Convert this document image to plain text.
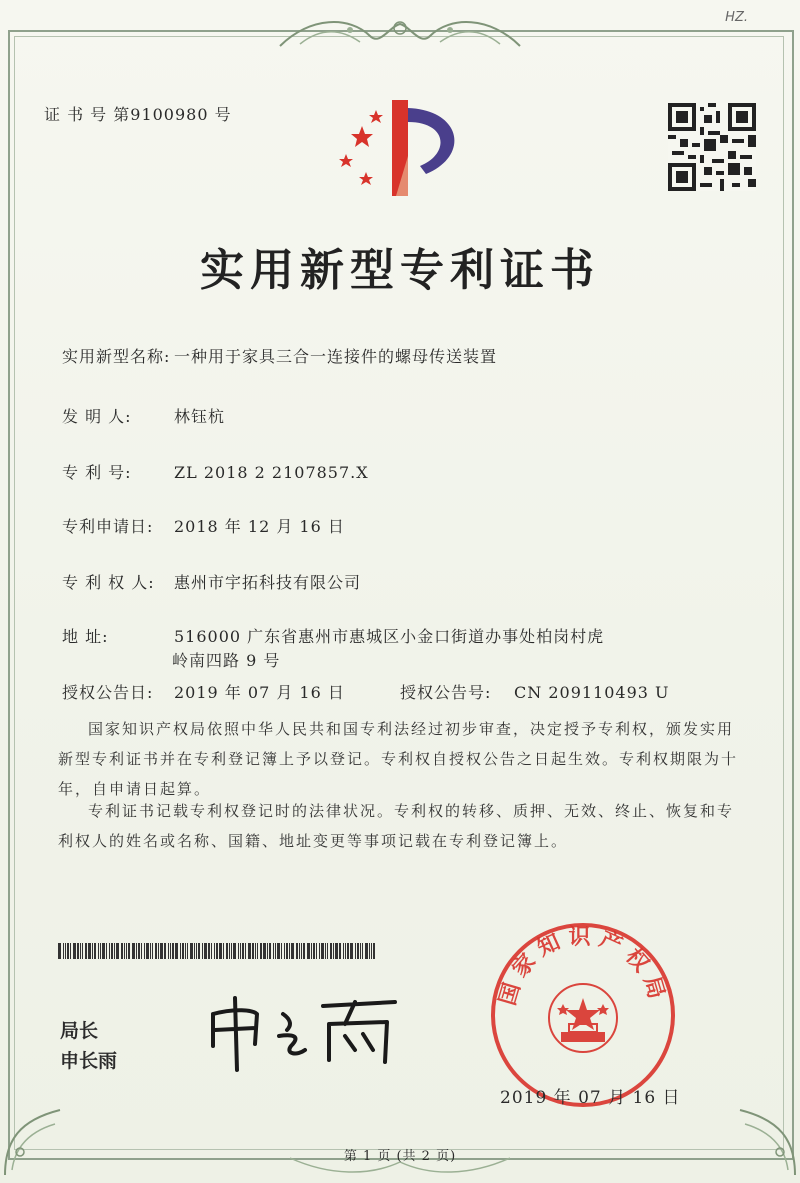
HZ.
证 书 号 第9100980 号
实用新型专利证书
实用新型名称: 一种用于家具三合一连接件的螺母传送装置
发 明 人:	林钰杭
专 利 号:	ZL 2018 2 2107857.X
专利申请日: 2018 年 12 月 16 日
专 利 权 人: 惠州市宇拓科技有限公司
地 址:	516000 广东省惠州市惠城区小金口街道办事处柏岗村虎
岭南四路 9 号
授权公告日: 2019 年 07 月 16 日	授权公告号: CN 209110493 U
国家知识产权局依照中华人民共和国专利法经过初步审查，决定授予专利权，颁发实用新型专利证书并在专利登记簿上予以登记。专利权自授权公告之日起生效。专利权期限为十年，自申请日起算。
专利证书记载专利权登记时的法律状况。专利权的转移、质押、无效、终止、恢复和专利权人的姓名或名称、国籍、地址变更等事项记载在专利登记簿上。
局长
申长雨
国家知识产权局
2019 年 07 月 16 日
第 1 页 (共 2 页)
